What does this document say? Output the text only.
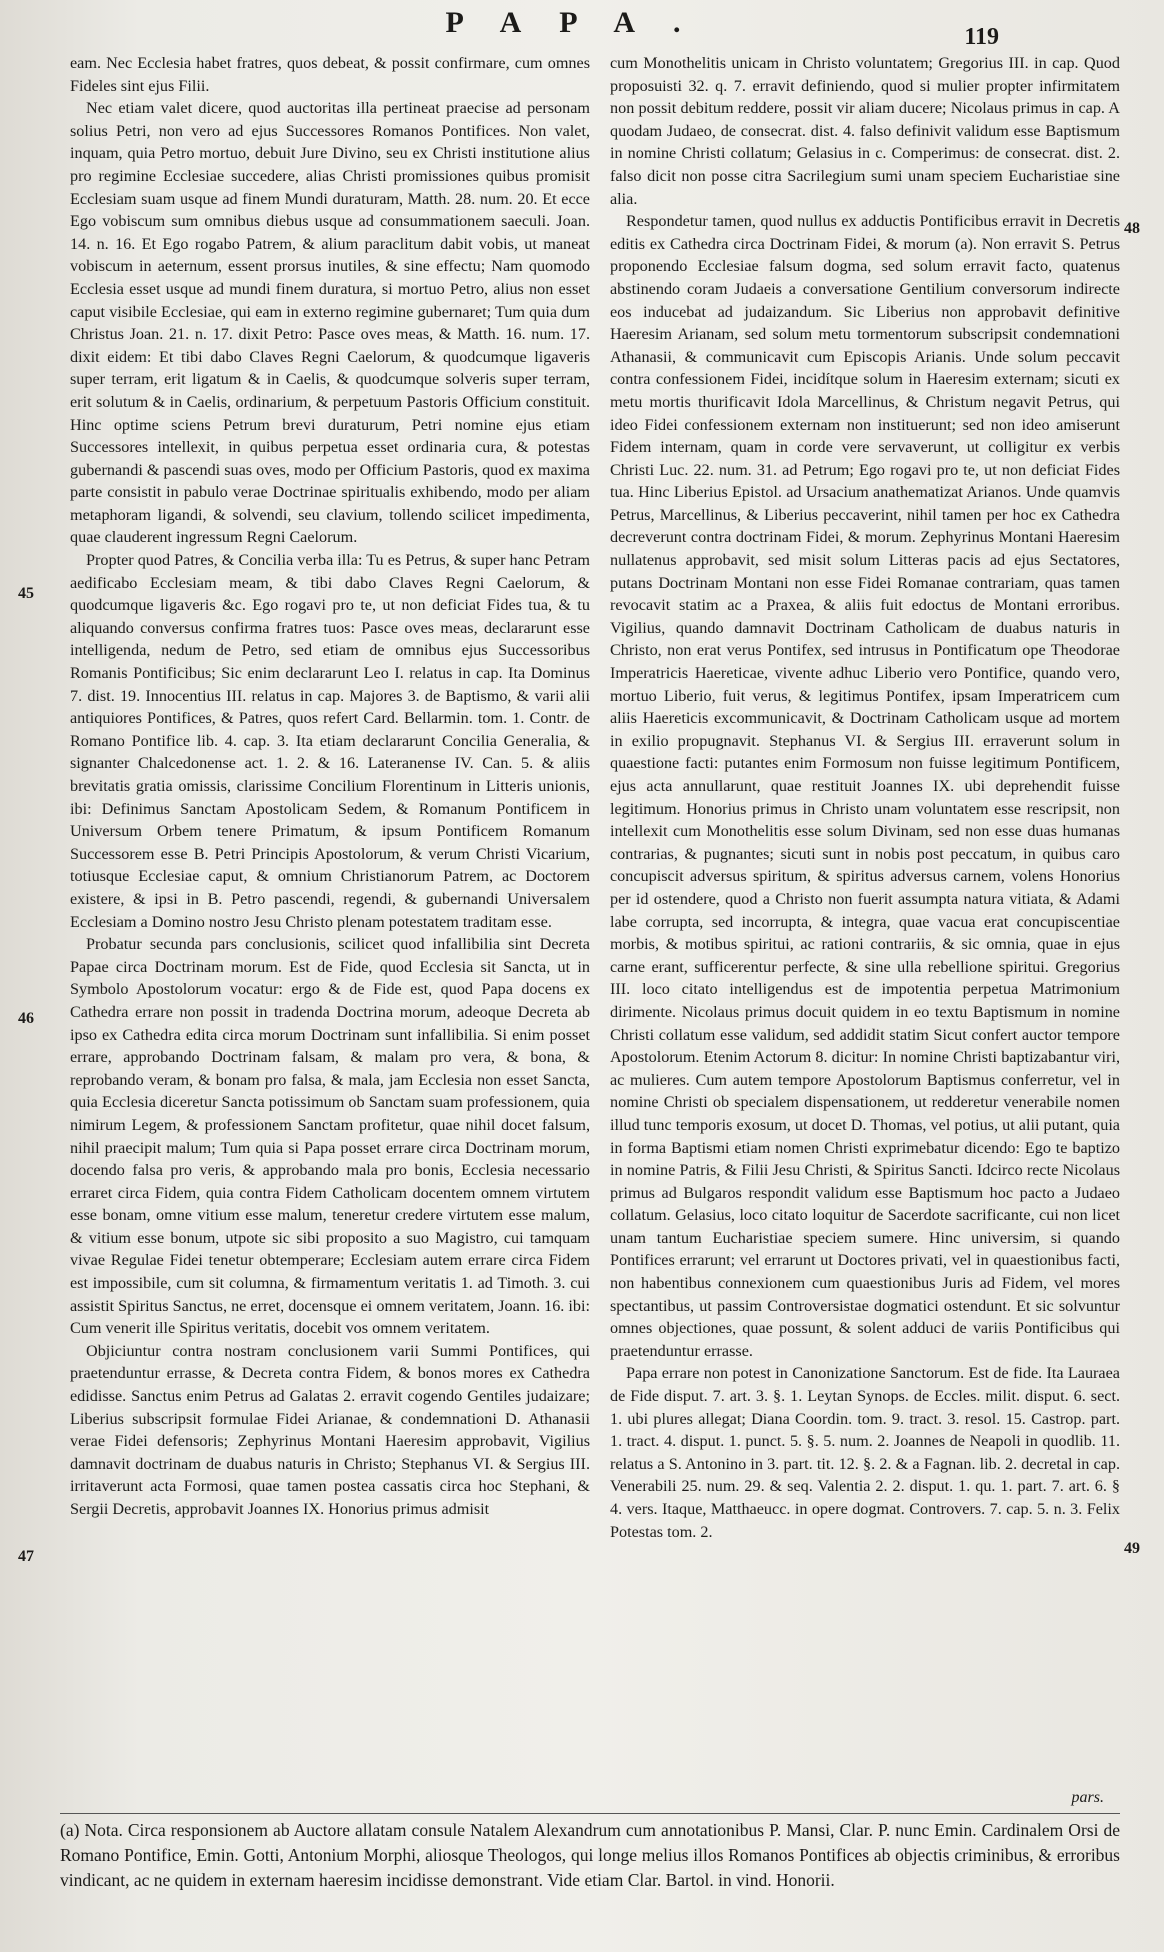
PAPA.	119
45
46
47
48
49

eam. Nec Ecclesia habet fratres, quos debeat, & possit confirmare, cum omnes Fideles sint ejus Filii.

Nec etiam valet dicere, quod auctoritas illa pertineat praecise ad personam solius Petri, non vero ad ejus Successores Romanos Pontifices. Non valet, inquam, quia Petro mortuo, debuit Jure Divino, seu ex Christi institutione alius pro regimine Ecclesiae succedere, alias Christi promissiones quibus promisit Ecclesiam suam usque ad finem Mundi duraturam, Matth. 28. num. 20. Et ecce Ego vobiscum sum omnibus diebus usque ad consummationem saeculi. Joan. 14. n. 16. Et Ego rogabo Patrem, & alium paraclitum dabit vobis, ut maneat vobiscum in aeternum, essent prorsus inutiles, & sine effectu; Nam quomodo Ecclesia esset usque ad mundi finem duratura, si mortuo Petro, alius non esset caput visibile Ecclesiae, qui eam in externo regimine gubernaret; Tum quia dum Christus Joan. 21. n. 17. dixit Petro: Pasce oves meas, & Matth. 16. num. 17. dixit eidem: Et tibi dabo Claves Regni Caelorum, & quodcumque ligaveris super terram, erit ligatum & in Caelis, & quodcumque solveris super terram, erit solutum & in Caelis, ordinarium, & perpetuum Pastoris Officium constituit. Hinc optime sciens Petrum brevi duraturum, Petri nomine ejus etiam Successores intellexit, in quibus perpetua esset ordinaria cura, & potestas gubernandi & pascendi suas oves, modo per Officium Pastoris, quod ex maxima parte consistit in pabulo verae Doctrinae spiritualis exhibendo, modo per aliam metaphoram ligandi, & solvendi, seu clavium, tollendo scilicet impedimenta, quae clauderent ingressum Regni Caelorum.

Propter quod Patres, & Concilia verba illa: Tu es Petrus, & super hanc Petram aedificabo Ecclesiam meam, & tibi dabo Claves Regni Caelorum, & quodcumque ligaveris &c. Ego rogavi pro te, ut non deficiat Fides tua, & tu aliquando conversus confirma fratres tuos: Pasce oves meas, declararunt esse intelligenda, nedum de Petro, sed etiam de omnibus ejus Successoribus Romanis Pontificibus; Sic enim declararunt Leo I. relatus in cap. Ita Dominus 7. dist. 19. Innocentius III. relatus in cap. Majores 3. de Baptismo, & varii alii antiquiores Pontifices, & Patres, quos refert Card. Bellarmin. tom. 1. Contr. de Romano Pontifice lib. 4. cap. 3. Ita etiam declararunt Concilia Generalia, & signanter Chalcedonense act. 1. 2. & 16. Lateranense IV. Can. 5. & aliis brevitatis gratia omissis, clarissime Concilium Florentinum in Litteris unionis, ibi: Definimus Sanctam Apostolicam Sedem, & Romanum Pontificem in Universum Orbem tenere Primatum, & ipsum Pontificem Romanum Successorem esse B. Petri Principis Apostolorum, & verum Christi Vicarium, totiusque Ecclesiae caput, & omnium Christianorum Patrem, ac Doctorem existere, & ipsi in B. Petro pascendi, regendi, & gubernandi Universalem Ecclesiam a Domino nostro Jesu Christo plenam potestatem traditam esse.

Probatur secunda pars conclusionis, scilicet quod infallibilia sint Decreta Papae circa Doctrinam morum. Est de Fide, quod Ecclesia sit Sancta, ut in Symbolo Apostolorum vocatur: ergo & de Fide est, quod Papa docens ex Cathedra errare non possit in tradenda Doctrina morum, adeoque Decreta ab ipso ex Cathedra edita circa morum Doctrinam sunt infallibilia. Si enim posset errare, approbando Doctrinam falsam, & malam pro vera, & bona, & reprobando veram, & bonam pro falsa, & mala, jam Ecclesia non esset Sancta, quia Ecclesia diceretur Sancta potissimum ob Sanctam suam professionem, quia nimirum Legem, & professionem Sanctam profitetur, quae nihil docet falsum, nihil praecipit malum; Tum quia si Papa posset errare circa Doctrinam morum, docendo falsa pro veris, & approbando mala pro bonis, Ecclesia necessario erraret circa Fidem, quia contra Fidem Catholicam docentem omnem virtutem esse bonam, omne vitium esse malum, teneretur credere virtutem esse malum, & vitium esse bonum, utpote sic sibi proposito a suo Magistro, cui tamquam vivae Regulae Fidei tenetur obtemperare; Ecclesiam autem errare circa Fidem est impossibile, cum sit columna, & firmamentum veritatis 1. ad Timoth. 3. cui assistit Spiritus Sanctus, ne erret, docensque ei omnem veritatem, Joann. 16. ibi: Cum venerit ille Spiritus veritatis, docebit vos omnem veritatem.

Objiciuntur contra nostram conclusionem varii Summi Pontifices, qui praetenduntur errasse, & Decreta contra Fidem, & bonos mores ex Cathedra edidisse. Sanctus enim Petrus ad Galatas 2. erravit cogendo Gentiles judaizare; Liberius subscripsit formulae Fidei Arianae, & condemnationi D. Athanasii verae Fidei defensoris; Zephyrinus Montani Haeresim approbavit, Vigilius damnavit doctrinam de duabus naturis in Christo; Stephanus VI. & Sergius III. irritaverunt acta Formosi, quae tamen postea cassatis circa hoc Stephani, & Sergii Decretis, approbavit Joannes IX. Honorius primus admisit

cum Monothelitis unicam in Christo voluntatem; Gregorius III. in cap. Quod proposuisti 32. q. 7. erravit definiendo, quod si mulier propter infirmitatem non possit debitum reddere, possit vir aliam ducere; Nicolaus primus in cap. A quodam Judaeo, de consecrat. dist. 4. falso definivit validum esse Baptismum in nomine Christi collatum; Gelasius in c. Comperimus: de consecrat. dist. 2. falso dicit non posse citra Sacrilegium sumi unam speciem Eucharistiae sine alia.

Respondetur tamen, quod nullus ex adductis Pontificibus erravit in Decretis editis ex Cathedra circa Doctrinam Fidei, & morum (a). Non erravit S. Petrus proponendo Ecclesiae falsum dogma, sed solum erravit facto, quatenus abstinendo coram Judaeis a conversatione Gentilium conversorum indirecte eos inducebat ad judaizandum. Sic Liberius non approbavit definitive Haeresim Arianam, sed solum metu tormentorum subscripsit condemnationi Athanasii, & communicavit cum Episcopis Arianis. Unde solum peccavit contra confessionem Fidei, incidítque solum in Haeresim externam; sicuti ex metu mortis thurificavit Idola Marcellinus, & Christum negavit Petrus, qui ideo Fidei confessionem externam non instituerunt; sed non ideo amiserunt Fidem internam, quam in corde vere servaverunt, ut colligitur ex verbis Christi Luc. 22. num. 31. ad Petrum; Ego rogavi pro te, ut non deficiat Fides tua. Hinc Liberius Epistol. ad Ursacium anathematizat Arianos. Unde quamvis Petrus, Marcellinus, & Liberius peccaverint, nihil tamen per hoc ex Cathedra decreverunt contra doctrinam Fidei, & morum. Zephyrinus Montani Haeresim nullatenus approbavit, sed misit solum Litteras pacis ad ejus Sectatores, putans Doctrinam Montani non esse Fidei Romanae contrariam, quas tamen revocavit statim ac a Praxea, & aliis fuit edoctus de Montani erroribus. Vigilius, quando damnavit Doctrinam Catholicam de duabus naturis in Christo, non erat verus Pontifex, sed intrusus in Pontificatum ope Theodorae Imperatricis Haereticae, vivente adhuc Liberio vero Pontifice, quando vero, mortuo Liberio, fuit verus, & legitimus Pontifex, ipsam Imperatricem cum aliis Haereticis excommunicavit, & Doctrinam Catholicam usque ad mortem in exilio propugnavit. Stephanus VI. & Sergius III. erraverunt solum in quaestione facti: putantes enim Formosum non fuisse legitimum Pontificem, ejus acta annullarunt, quae restituit Joannes IX. ubi deprehendit fuisse legitimum. Honorius primus in Christo unam voluntatem esse rescripsit, non intellexit cum Monothelitis esse solum Divinam, sed non esse duas humanas contrarias, & pugnantes; sicuti sunt in nobis post peccatum, in quibus caro concupiscit adversus spiritum, & spiritus adversus carnem, volens Honorius per id ostendere, quod a Christo non fuerit assumpta natura vitiata, & Adami labe corrupta, sed incorrupta, & integra, quae vacua erat concupiscentiae morbis, & motibus spiritui, ac rationi contrariis, & sic omnia, quae in ejus carne erant, sufficerentur perfecte, & sine ulla rebellione spiritui. Gregorius III. loco citato intelligendus est de impotentia perpetua Matrimonium dirimente. Nicolaus primus docuit quidem in eo textu Baptismum in nomine Christi collatum esse validum, sed addidit statim Sicut confert auctor tempore Apostolorum. Etenim Actorum 8. dicitur: In nomine Christi baptizabantur viri, ac mulieres. Cum autem tempore Apostolorum Baptismus conferretur, vel in nomine Christi ob specialem dispensationem, ut redderetur venerabile nomen illud tunc temporis exosum, ut docet D. Thomas, vel potius, ut alii putant, quia in forma Baptismi etiam nomen Christi exprimebatur dicendo: Ego te baptizo in nomine Patris, & Filii Jesu Christi, & Spiritus Sancti. Idcirco recte Nicolaus primus ad Bulgaros respondit validum esse Baptismum hoc pacto a Judaeo collatum. Gelasius, loco citato loquitur de Sacerdote sacrificante, cui non licet unam tantum Eucharistiae speciem sumere. Hinc universim, si quando Pontifices errarunt; vel errarunt ut Doctores privati, vel in quaestionibus facti, non habentibus connexionem cum quaestionibus Juris ad Fidem, vel mores spectantibus, ut passim Controversistae dogmatici ostendunt. Et sic solvuntur omnes objectiones, quae possunt, & solent adduci de variis Pontificibus qui praetenduntur errasse.

Papa errare non potest in Canonizatione Sanctorum. Est de fide. Ita Lauraea de Fide disput. 7. art. 3. §. 1. Leytan Synops. de Eccles. milit. disput. 6. sect. 1. ubi plures allegat; Diana Coordin. tom. 9. tract. 3. resol. 15. Castrop. part. 1. tract. 4. disput. 1. punct. 5. §. 5. num. 2. Joannes de Neapoli in quodlib. 11. relatus a S. Antonino in 3. part. tit. 12. §. 2. & a Fagnan. lib. 2. decretal in cap. Venerabili 25. num. 29. & seq. Valentia 2. 2. disput. 1. qu. 1. part. 7. art. 6. § 4. vers. Itaque, Matthaeucc. in opere dogmat. Controvers. 7. cap. 5. n. 3. Felix Potestas tom. 2.

pars.
(a) Nota. Circa responsionem ab Auctore allatam consule Natalem Alexandrum cum annotationibus P. Mansi, Clar. P. nunc Emin. Cardinalem Orsi de Romano Pontifice, Emin. Gotti, Antonium Morphi, aliosque Theologos, qui longe melius illos Romanos Pontifices ab objectis criminibus, & erroribus vindicant, ac ne quidem in externam haeresim incidisse demonstrant. Vide etiam Clar. Bartol. in vind. Honorii.
